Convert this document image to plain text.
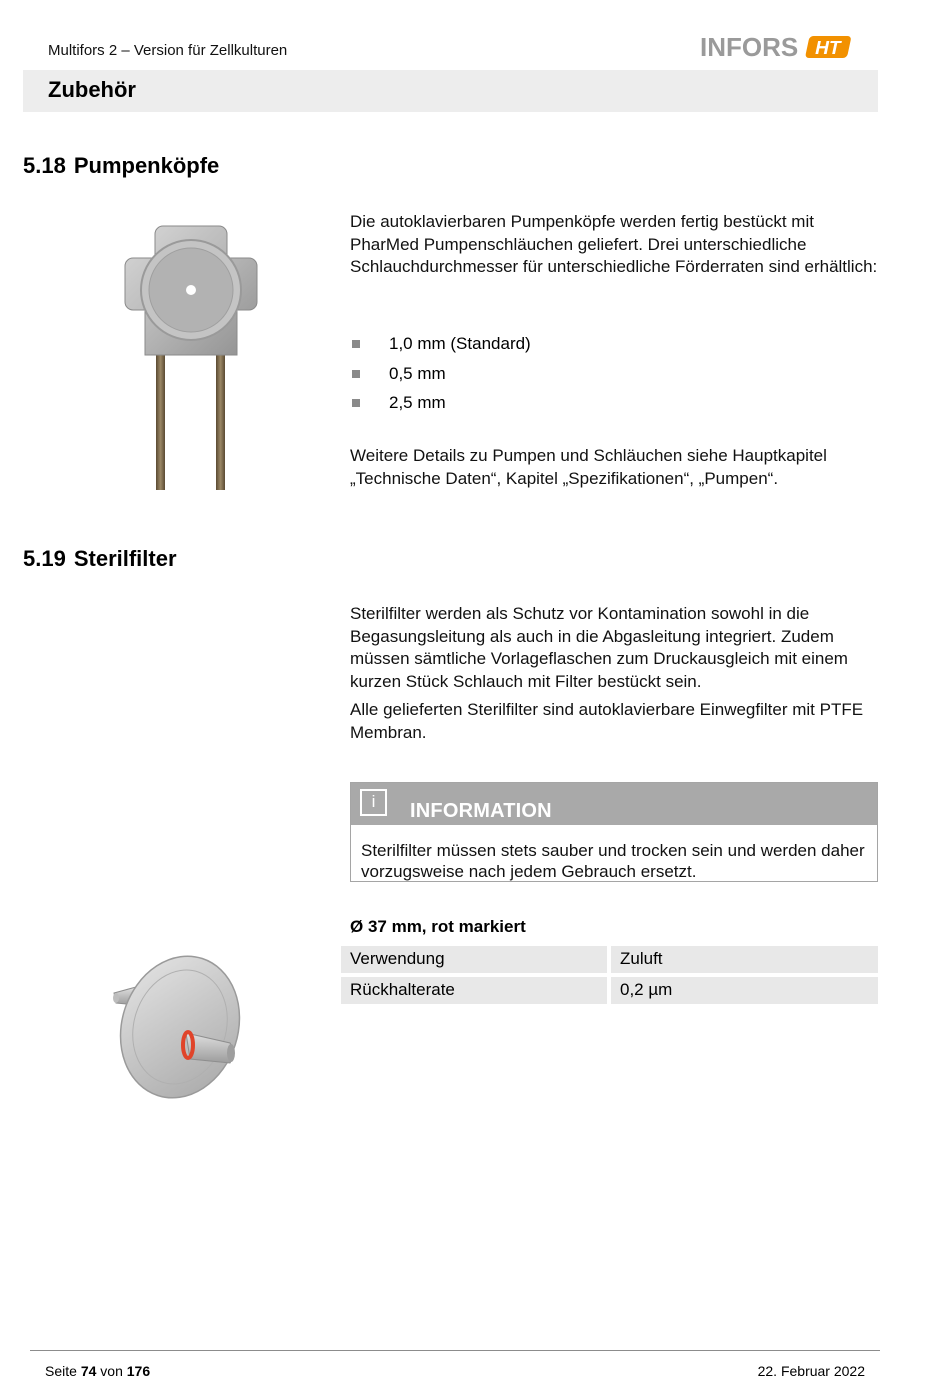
Multifors 2 – Version für Zellkulturen	INFORS HT
Zubehör
5.18 Pumpenköpfe

Die autoklavierbaren Pumpenköpfe werden fertig bestückt mit PharMed Pumpenschläuchen geliefert. Drei unterschiedliche Schlauchdurchmesser für unterschiedliche Förderraten sind erhältlich:

1,0 mm (Standard)
0,5 mm
2,5 mm

Weitere Details zu Pumpen und Schläuchen siehe Hauptkapitel „Technische Daten“, Kapitel „Spezifikationen“, „Pumpen“.

5.19 Sterilfilter

Sterilfilter werden als Schutz vor Kontamination sowohl in die Begasungsleitung als auch in die Abgasleitung integriert. Zudem müssen sämtliche Vorlageflaschen zum Druckausgleich mit einem kurzen Stück Schlauch mit Filter bestückt sein.

Alle gelieferten Sterilfilter sind autoklavierbare Einwegfilter mit PTFE Membran.

i	INFORMATION
Sterilfilter müssen stets sauber und trocken sein und werden daher vorzugsweise nach jedem Gebrauch ersetzt.
Ø 37 mm, rot markiert
Verwendung	Zuluft
Rückhalterate	0,2 µm
Seite 74 von 176	22. Februar 2022
